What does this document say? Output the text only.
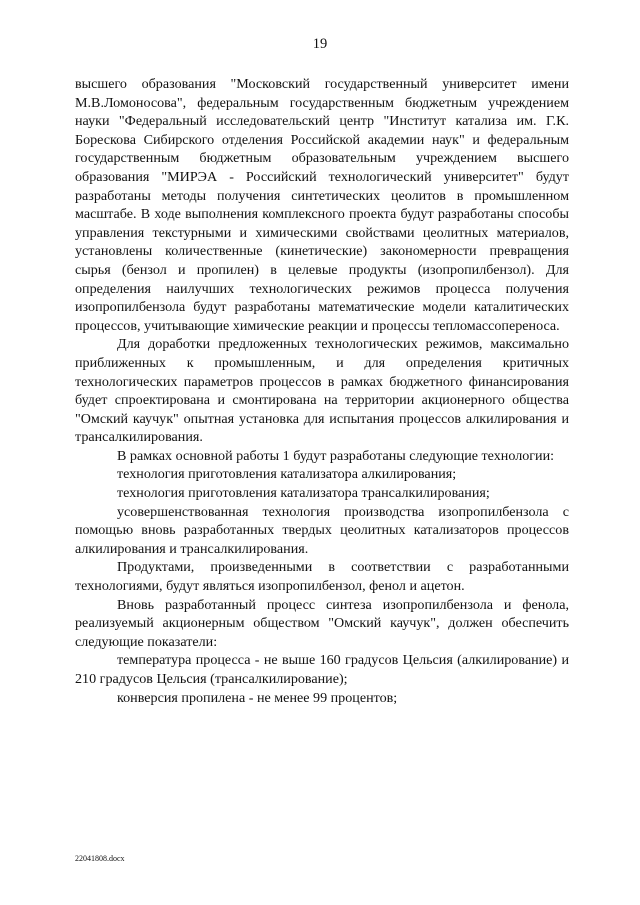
19

высшего образования "Московский государственный университет имени М.В.Ломоносова", федеральным государственным бюджетным учреждением науки "Федеральный исследовательский центр "Институт катализа им. Г.К. Борескова Сибирского отделения Российской академии наук" и федеральным государственным бюджетным образовательным учреждением высшего образования "МИРЭА - Российский технологический университет" будут разработаны методы получения синтетических цеолитов в промышленном масштабе. В ходе выполнения комплексного проекта будут разработаны способы управления текстурными и химическими свойствами цеолитных материалов, установлены количественные (кинетические) закономерности превращения сырья (бензол и пропилен) в целевые продукты (изопропилбензол). Для определения наилучших технологических режимов процесса получения изопропилбензола будут разработаны математические модели каталитических процессов, учитывающие химические реакции и процессы тепломассопереноса.

Для доработки предложенных технологических режимов, максимально приближенных к промышленным, и для определения критичных технологических параметров процессов в рамках бюджетного финансирования будет спроектирована и смонтирована на территории акционерного общества "Омский каучук" опытная установка для испытания процессов алкилирования и трансалкилирования.

В рамках основной работы 1 будут разработаны следующие технологии:

технология приготовления катализатора алкилирования;

технология приготовления катализатора трансалкилирования;

усовершенствованная технология производства изопропилбензола с помощью вновь разработанных твердых цеолитных катализаторов процессов алкилирования и трансалкилирования.

Продуктами, произведенными в соответствии с разработанными технологиями, будут являться изопропилбензол, фенол и ацетон.

Вновь разработанный процесс синтеза изопропилбензола и фенола, реализуемый акционерным обществом "Омский каучук", должен обеспечить следующие показатели:

температура процесса - не выше 160 градусов Цельсия (алкилирование) и 210 градусов Цельсия (трансалкилирование);

конверсия пропилена - не менее 99 процентов;

22041808.docx
